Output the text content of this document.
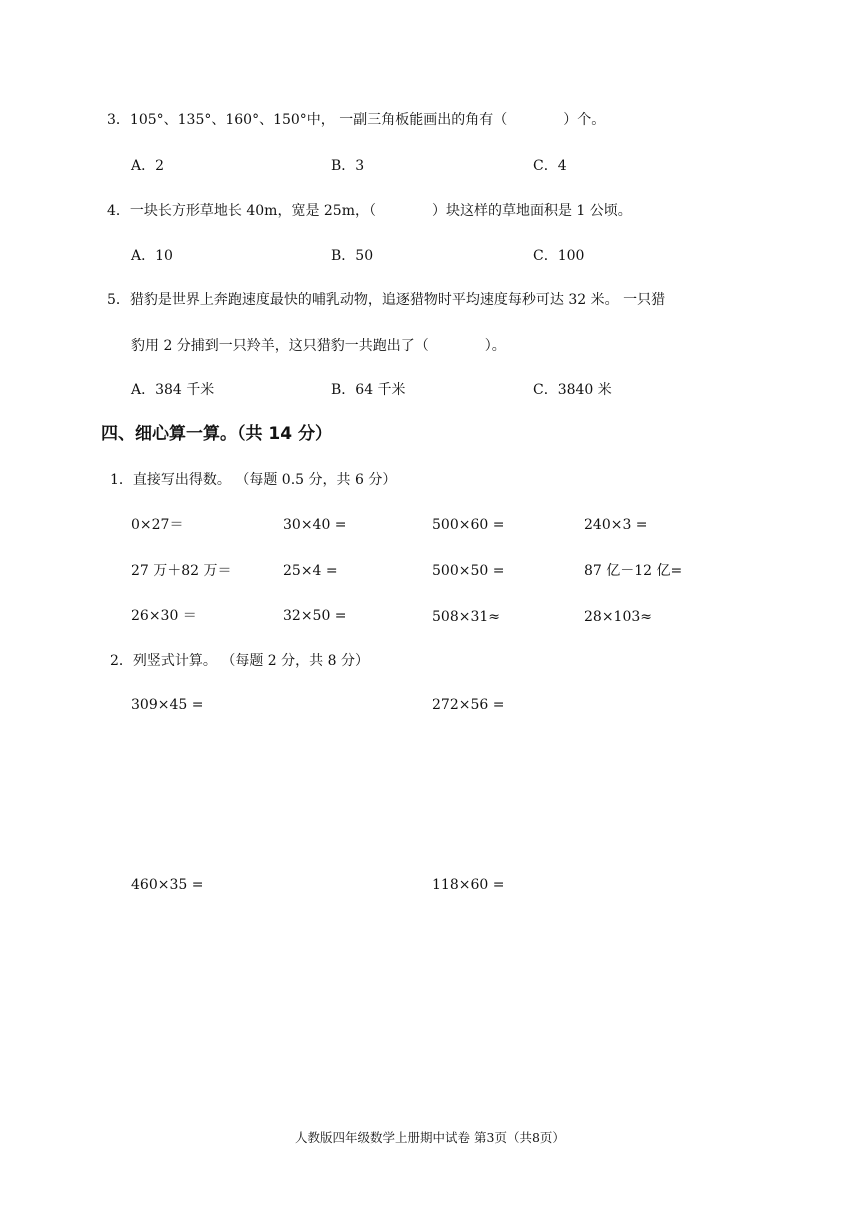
3．105°、135°、160°、150°中， 一副三角板能画出的角有（　　　　）个。
A．2	B．3	C．4
4．一块长方形草地长 40m，宽是 25m，（　　　　）块这样的草地面积是 1 公顷。
A．10	B．50	C．100
5．猎豹是世界上奔跑速度最快的哺乳动物，追逐猎物时平均速度每秒可达 32 米。 一只猎
豹用 2 分捕到一只羚羊，这只猎豹一共跑出了（　　　　）。
A．384 千米	B．64 千米	C．3840 米
四、细心算一算。（共 14 分）
1．直接写出得数。 （每题 0.5 分，共 6 分）
0×27＝	30×40 =	500×60 =	240×3 =
27 万＋82 万＝	25×4 =	500×50 =	87 亿－12 亿=
26×30 ＝	32×50 =	508×31≈	28×103≈
2．列竖式计算。 （每题 2 分，共 8 分）
309×45 =	272×56 =
460×35 =	118×60 =
人教版四年级数学上册期中试卷 第3页（共8页）
